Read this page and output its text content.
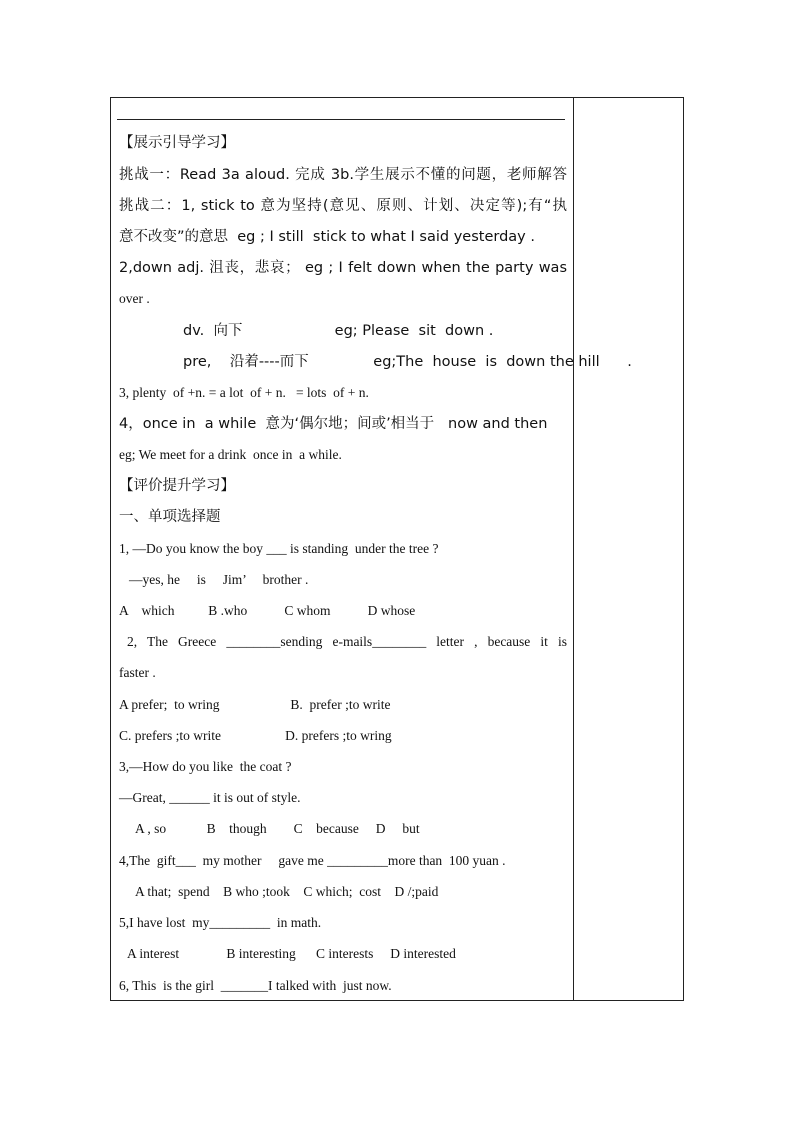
【展示引导学习】
挑战一：Read 3a aloud. 完成 3b.学生展示不懂的问题，老师解答
挑战二：1, stick to 意为坚持(意见、原则、计划、决定等);有“执
意不改变”的意思  eg ; I still  stick to what I said yesterday .
2,down adj. 沮丧，悲哀； eg ; I felt down when the party was
over .
dv.  向下                    eg; Please  sit  down .
pre,    沿着----而下              eg;The  house  is  down the hill      .
3, plenty  of +n. = a lot  of + n.   = lots  of + n.
4，once in  a while  意为‘偶尔地；间或’相当于   now and then
eg; We meet for a drink  once in  a while.
【评价提升学习】
一、单项选择题
1, —Do you know the boy ___ is standing  under the tree ?
—yes, he     is     Jim’     brother .
A    which          B .who           C whom           D whose
2, The Greece ________sending e-mails________ letter , because it is
faster .
A prefer;  to wring                     B.  prefer ;to write
C. prefers ;to write                   D. prefers ;to wring
3,—How do you like  the coat ?
—Great, ______ it is out of style.
A , so            B    though        C    because     D     but
4,The  gift___  my mother     gave me _________more than  100 yuan .
A that;  spend    B who ;took    C which;  cost    D /;paid
5,I have lost  my_________  in math.
A interest              B interesting      C interests     D interested
6, This  is the girl  _______I talked with  just now.
